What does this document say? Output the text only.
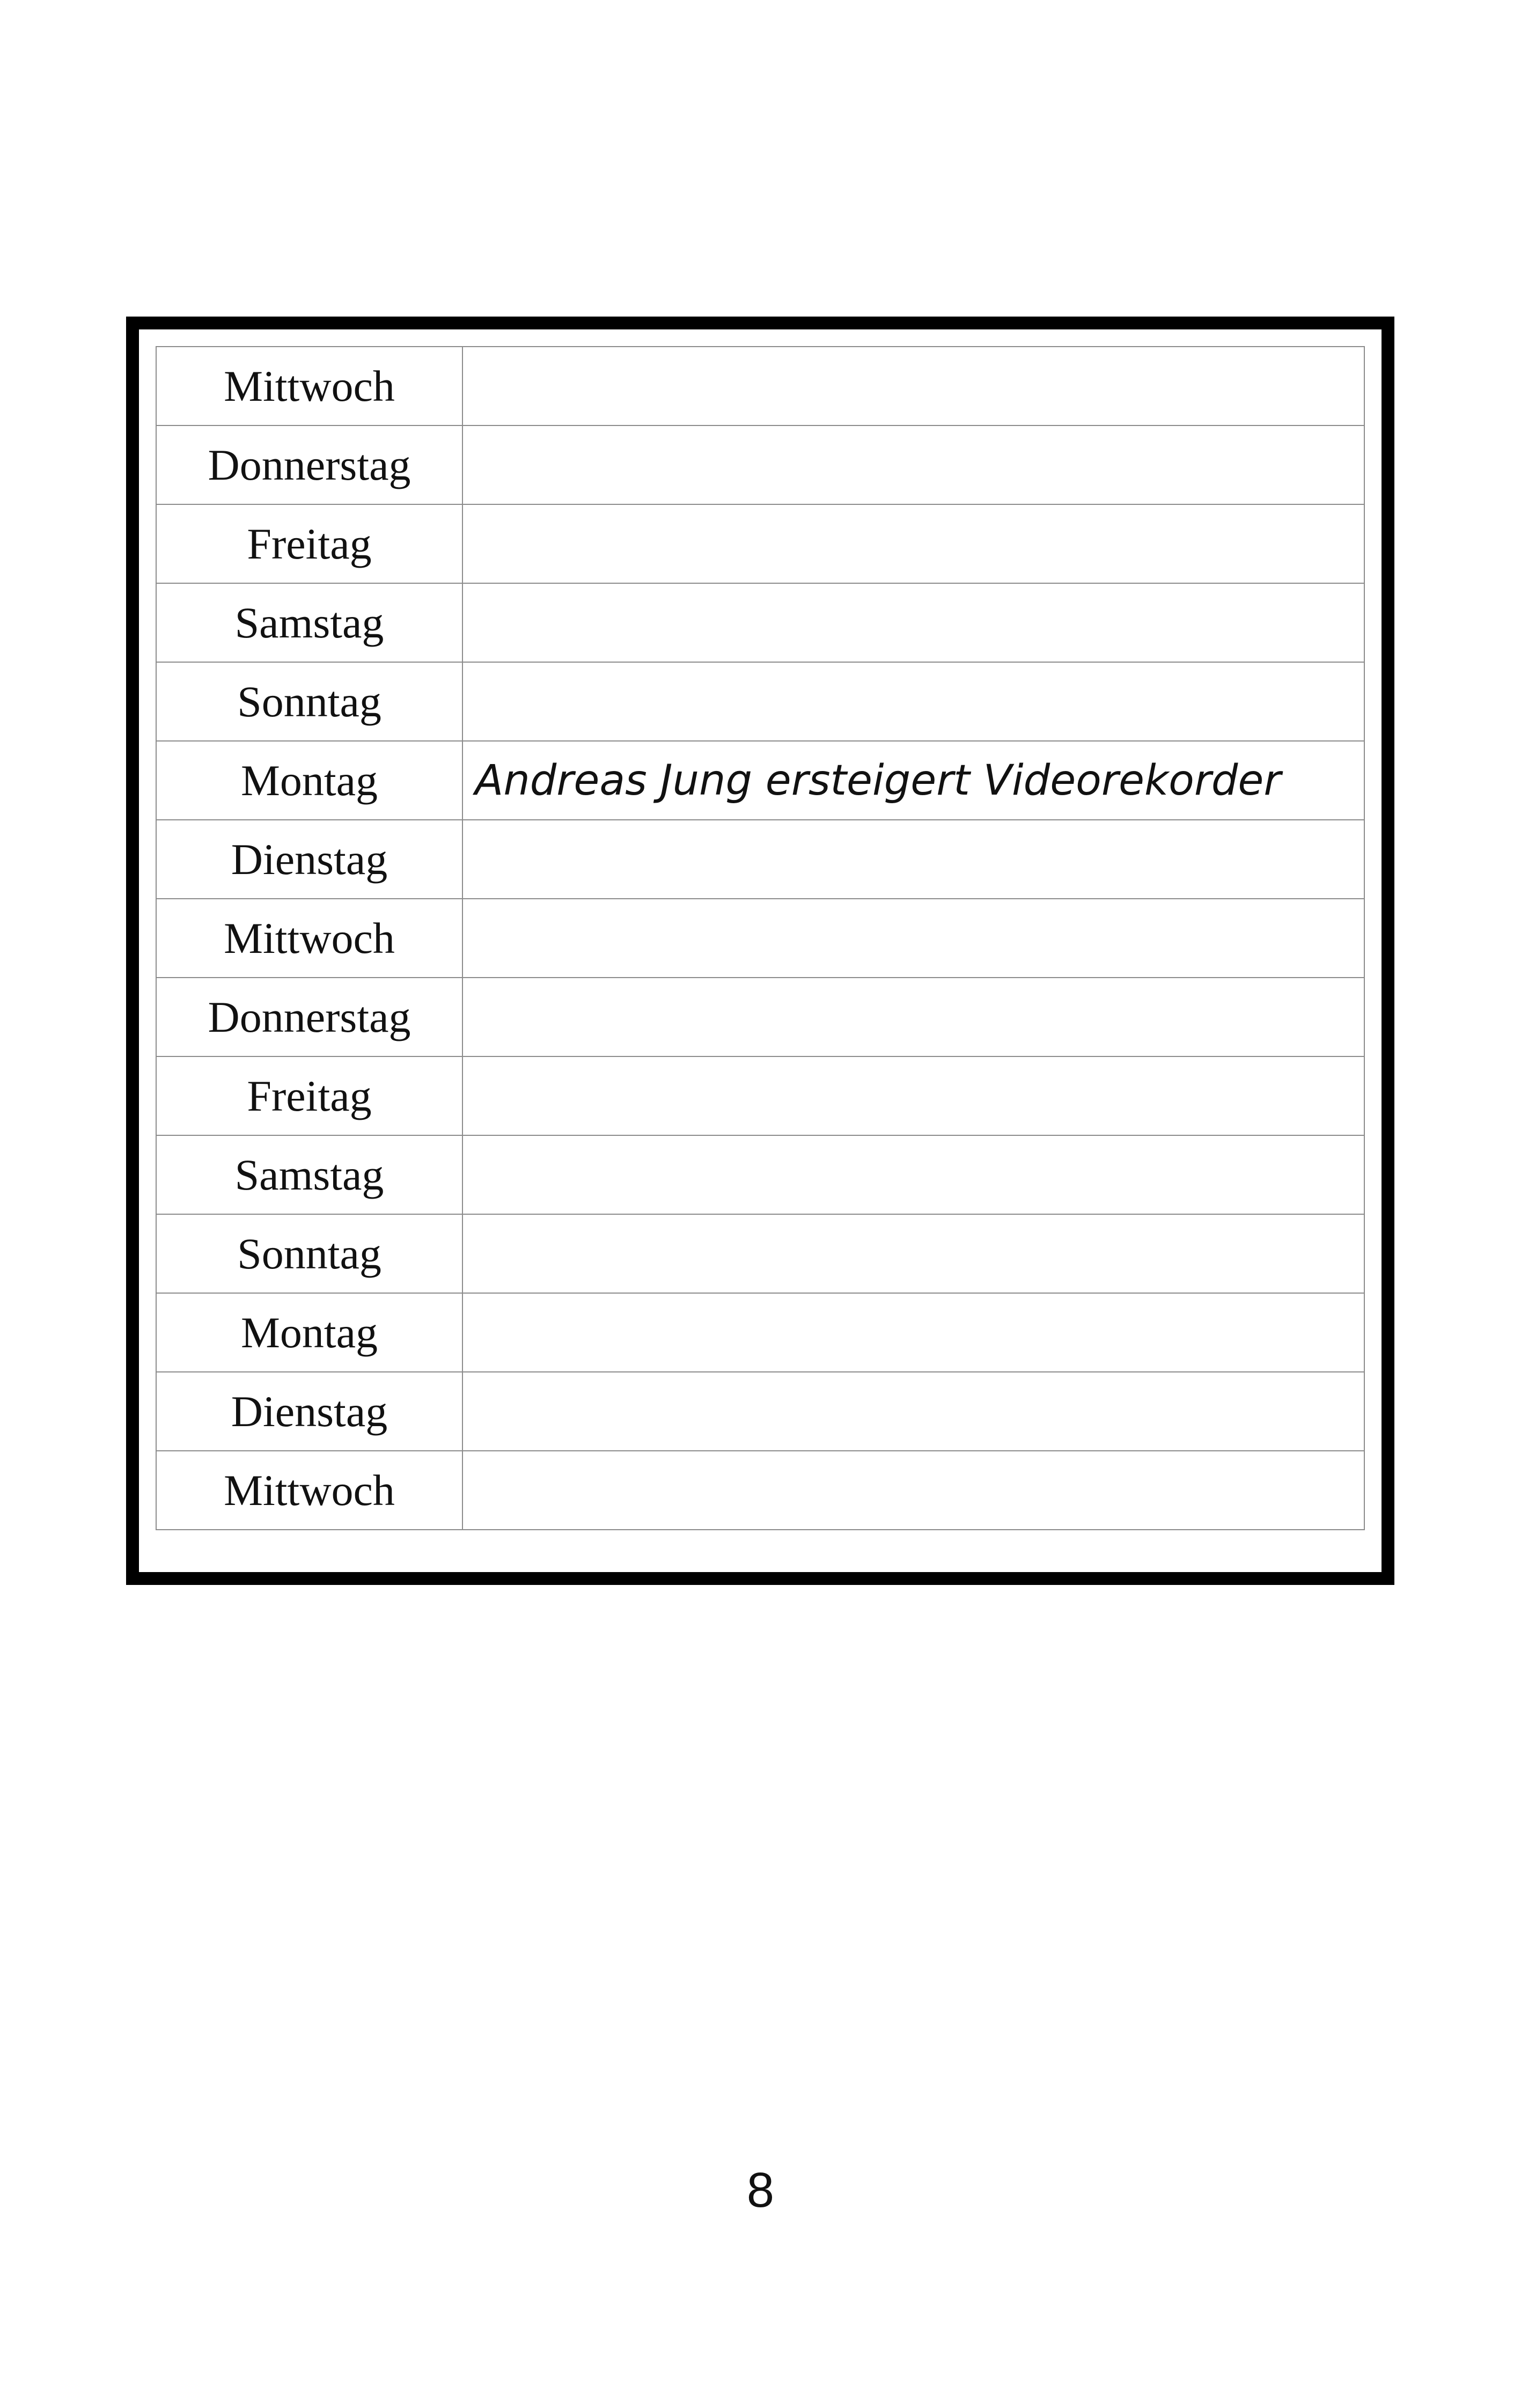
Mittwoch	
Donnerstag	
Freitag	
Samstag	
Sonntag	
Montag	Andreas Jung ersteigert Videorekorder
Dienstag	
Mittwoch	
Donnerstag	
Freitag	
Samstag	
Sonntag	
Montag	
Dienstag	
Mittwoch	
8
